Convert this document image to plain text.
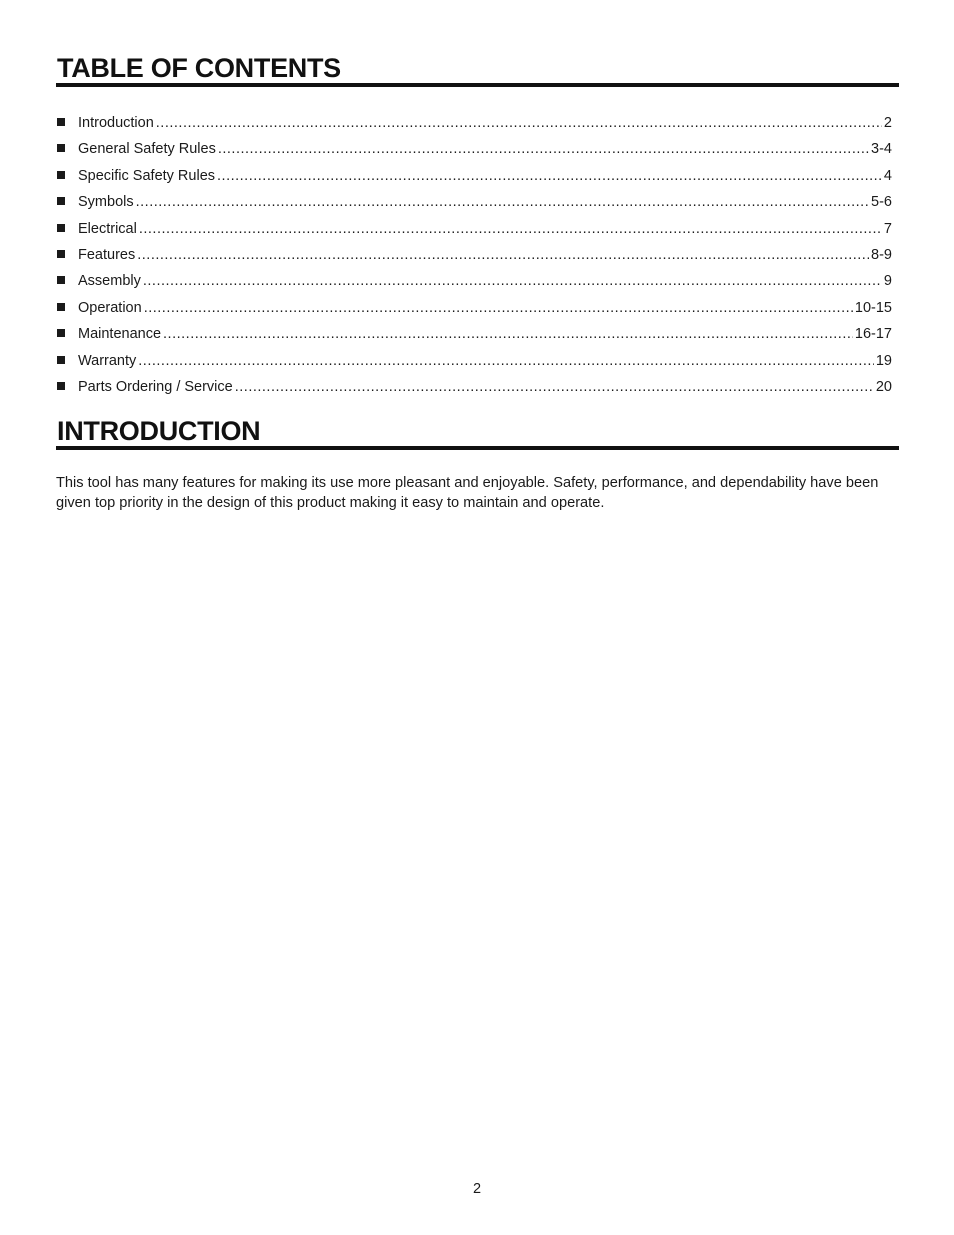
TABLE OF CONTENTS
Introduction .....	2
General Safety Rules .....	3-4
Specific Safety Rules .....	4
Symbols .....	5-6
Electrical .....	7
Features .....	8-9
Assembly .....	9
Operation .....	10-15
Maintenance .....	16-17
Warranty .....	19
Parts Ordering / Service .....	20
INTRODUCTION

This tool has many features for making its use more pleasant and enjoyable. Safety, performance, and dependability have been given top priority in the design of this product making it easy to maintain and operate.

2
